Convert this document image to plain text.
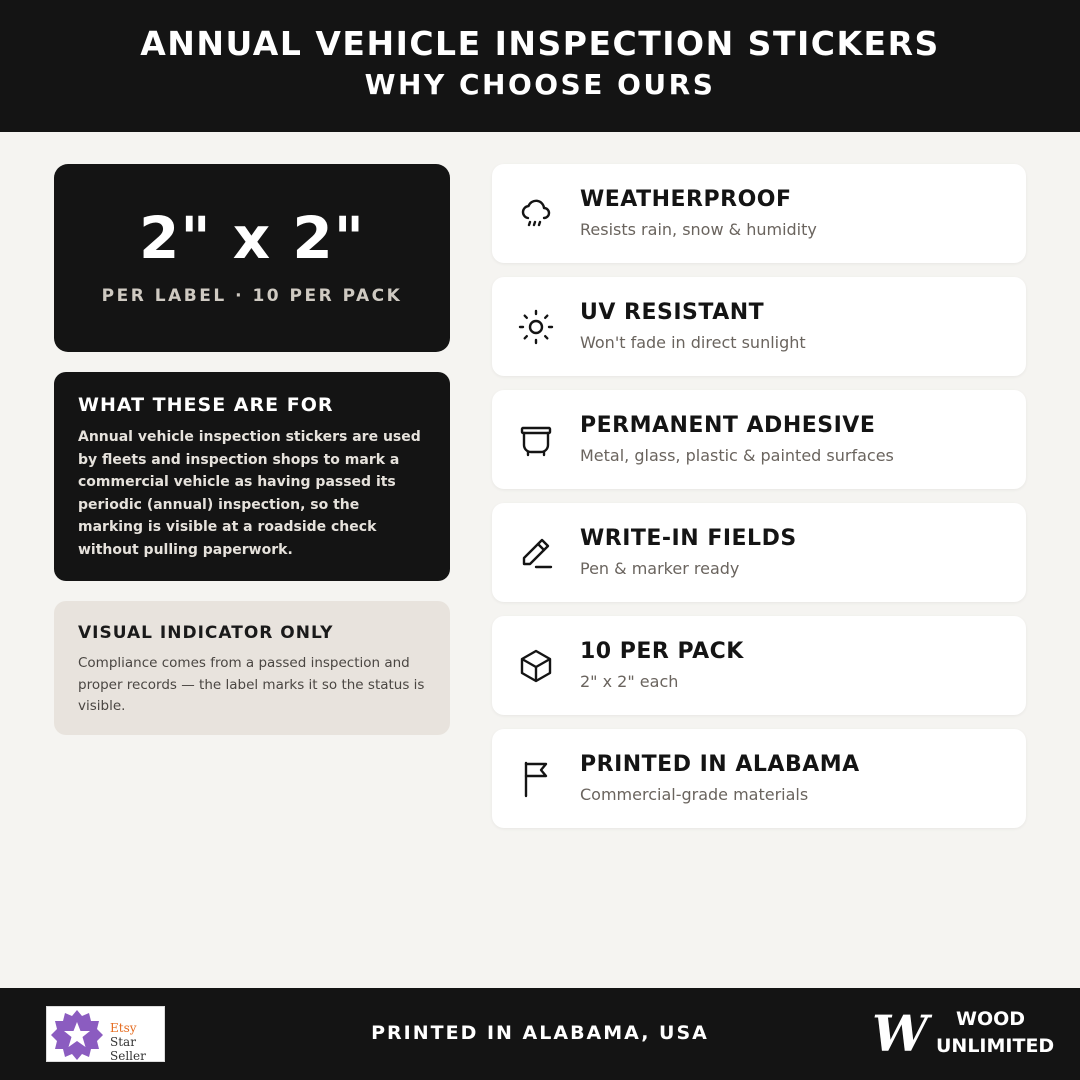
ANNUAL VEHICLE INSPECTION STICKERS
WHY CHOOSE OURS
2" x 2"
PER LABEL · 10 PER PACK
WHAT THESE ARE FOR
Annual vehicle inspection stickers are used by fleets and inspection shops to mark a commercial vehicle as having passed its periodic (annual) inspection, so the marking is visible at a roadside check without pulling paperwork.
VISUAL INDICATOR ONLY
Compliance comes from a passed inspection and proper records — the label marks it so the status is visible.
WEATHERPROOF
Resists rain, snow & humidity
UV RESISTANT
Won't fade in direct sunlight
PERMANENT ADHESIVE
Metal, glass, plastic & painted surfaces
WRITE-IN FIELDS
Pen & marker ready
10 PER PACK
2" x 2" each
PRINTED IN ALABAMA
Commercial-grade materials
Etsy
Star Seller
PRINTED IN ALABAMA, USA	W WOOD
UNLIMITED
